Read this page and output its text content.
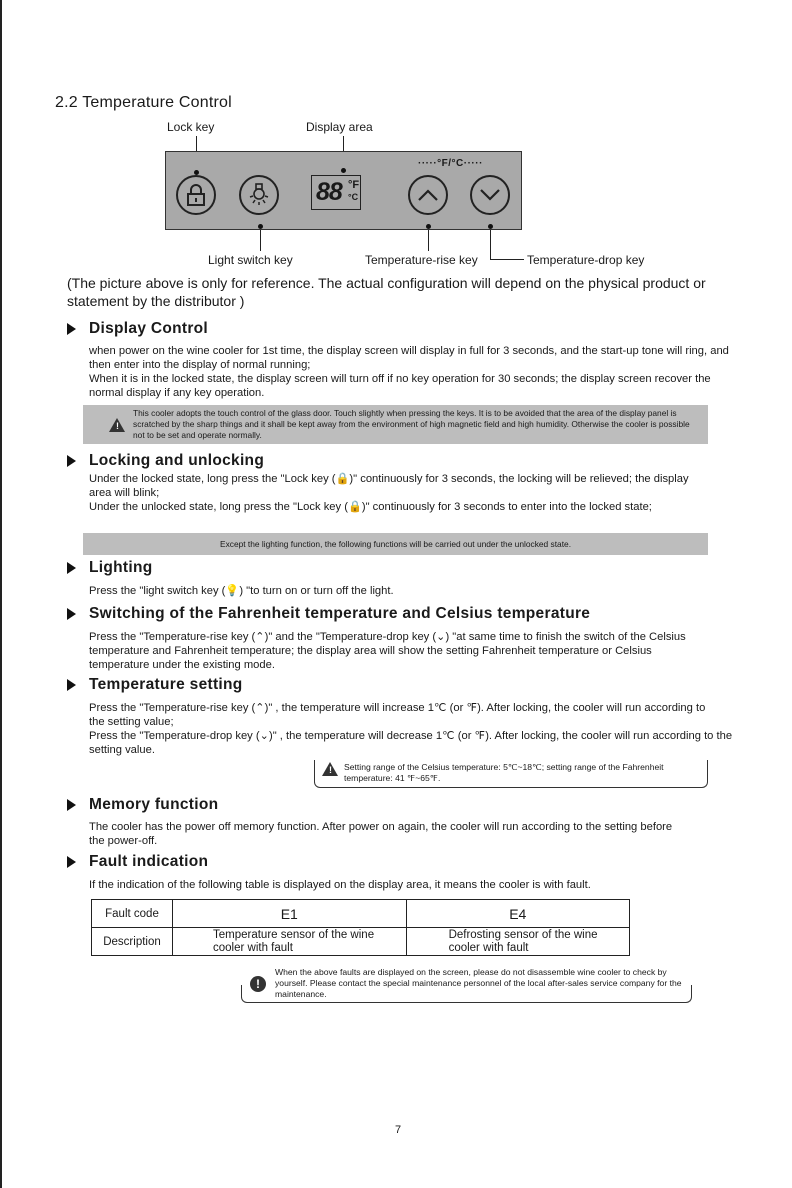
2.2 Temperature Control
Lock key	Display area
Light switch key	Temperature-rise key	Temperature-drop key
88 °F
°C
·····°F/°C·····
(The picture above is only for reference. The actual configuration will depend on the physical product or statement by the distributor )
Display Control
when power on the wine cooler for 1st time, the display screen will display in full for 3 seconds, and the start-up tone will ring, and then enter into the display of normal running;
When it is in the locked state, the display screen will turn off if no key operation for 30 seconds; the display screen recover the normal display if any key operation.
!
This cooler adopts the touch control of the glass door. Touch slightly when pressing the keys. It is to be avoided that the area of the display panel is scratched by the sharp things and it shall be kept away from the environment of high magnetic field and high humidity. Otherwise the cooler is possible not to be set and operate normally.
Locking and unlocking
Under the locked state, long press the "Lock key (🔒)" continuously for 3 seconds, the locking will be relieved; the display area will blink;
Under the unlocked state, long press the "Lock key (🔒)" continuously for 3 seconds to enter into the locked state;
Except the lighting function, the following functions will be carried out under the unlocked state.
Lighting
Press the "light switch key (💡) "to turn on or turn off the light.
Switching of the Fahrenheit temperature and Celsius temperature
Press the "Temperature-rise key (⌃)" and the "Temperature-drop key (⌄) "at same time to finish the switch of the Celsius temperature and Fahrenheit temperature; the display area will show the setting Fahrenheit temperature or Celsius temperature under the existing mode.
Temperature setting
Press the "Temperature-rise key (⌃)" , the temperature will increase 1℃ (or ℉). After locking, the cooler will run according to the setting value;
Press the "Temperature-drop key (⌄)" , the temperature will decrease 1℃ (or ℉). After locking, the cooler will run according to the setting value.
! Setting range of the Celsius temperature: 5℃~18℃; setting range of the Fahrenheit temperature: 41 ℉~65℉.
Memory function
The cooler has the power off memory function. After power on again, the cooler will run according to the setting before the power-off.
Fault indication
If the indication of the following table is displayed on the display area, it means the cooler is with fault.
Fault code	E1	E4
Description	Temperature sensor of the wine cooler with fault	Defrosting sensor of the wine cooler with fault
!
When the above faults are displayed on the screen, please do not disassemble wine cooler to check by yourself. Please contact the special maintenance personnel of the local after-sales service company for the maintenance.
7
